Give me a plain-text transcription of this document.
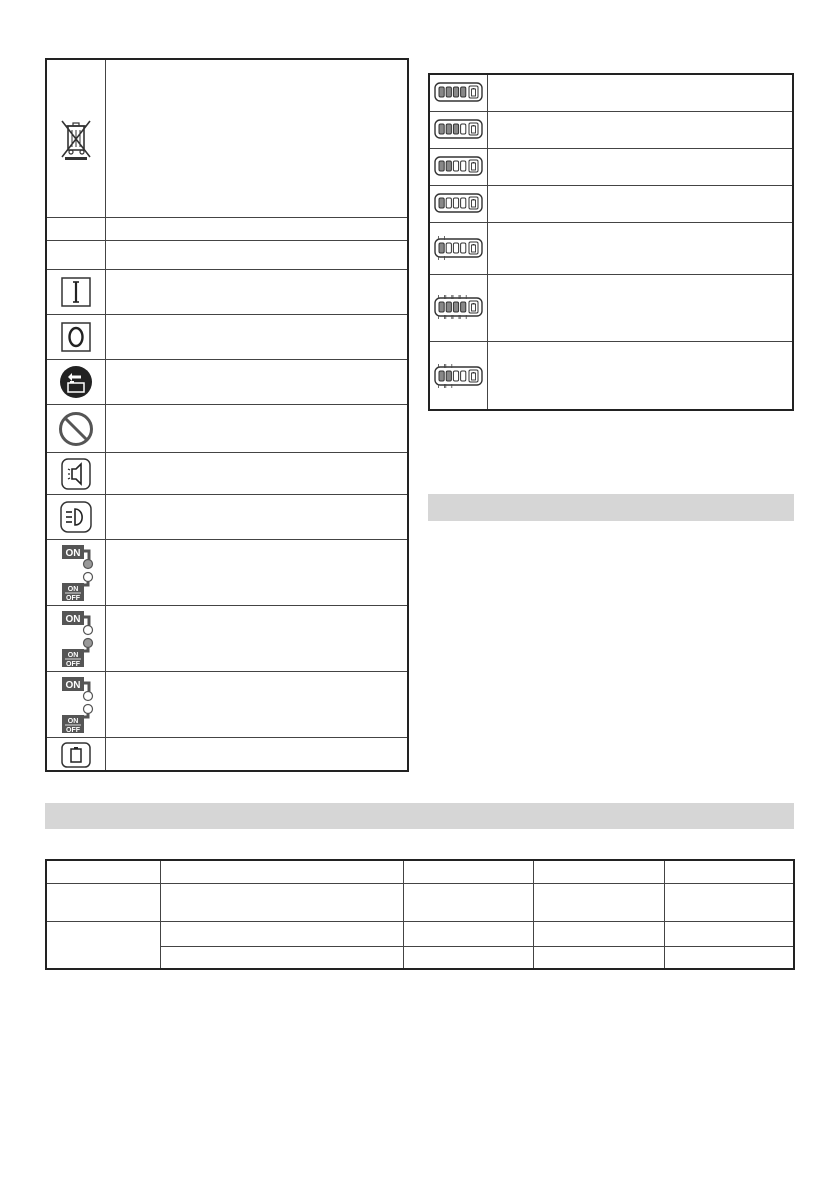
ON
ON
OFF
ON
ON
OFF
ON
ON
OFF
